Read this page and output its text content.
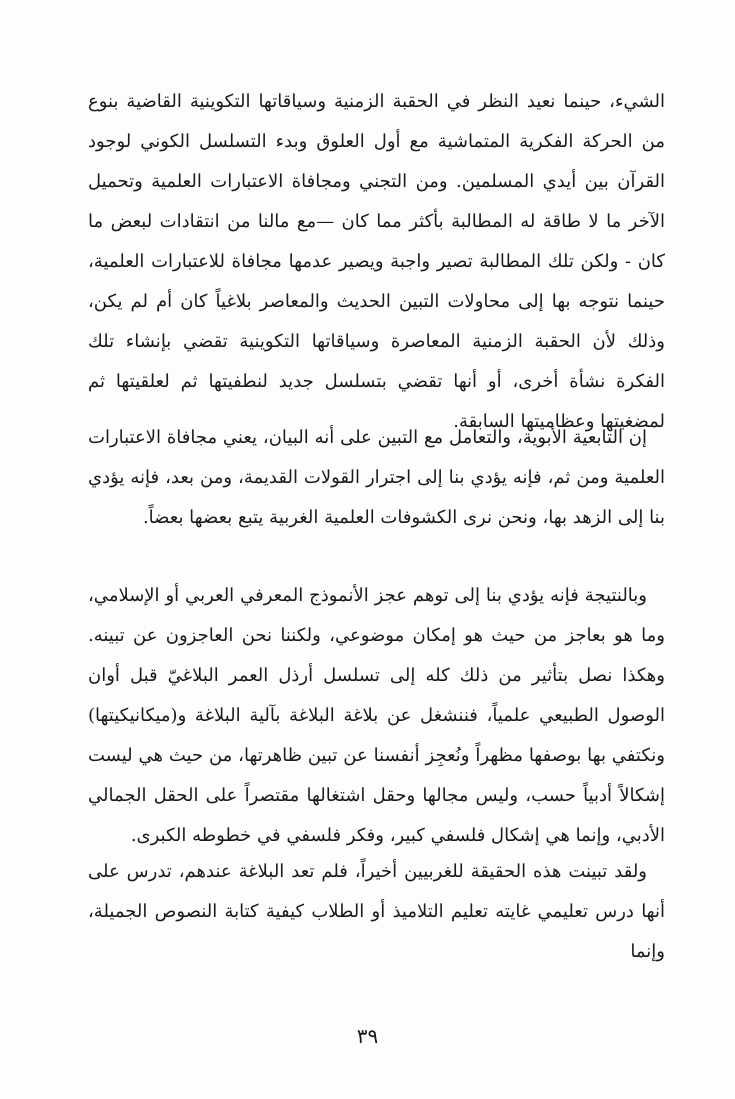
الشيء، حينما نعيد النظر في الحقبة الزمنية وسياقاتها التكوينية القاضية بنوع من الحركة الفكرية المتماشية مع أول العلوق وبدء التسلسل الكوني لوجود القرآن بين أيدي المسلمين. ومن التجني ومجافاة الاعتبارات العلمية وتحميل الآخر ما لا طاقة له المطالبة بأكثر مما كان —مع مالنا من انتقادات لبعض ما كان - ولكن تلك المطالبة تصير واجبة ويصير عدمها مجافاة للاعتبارات العلمية، حينما نتوجه بها إلى محاولات التبين الحديث والمعاصر بلاغياً كان أم لم يكن، وذلك لأن الحقبة الزمنية المعاصرة وسياقاتها التكوينية تقضي بإنشاء تلك الفكرة نشأة أخرى، أو أنها تقضي بتسلسل جديد لنطفيتها ثم لعلقيتها ثم لمضغيتها وعظاميتها السابقة.

إن التابعية الأبوية، والتعامل مع التبين على أنه البيان، يعني مجافاة الاعتبارات العلمية ومن ثم، فإنه يؤدي بنا إلى اجترار القولات القديمة، ومن بعد، فإنه يؤدي بنا إلى الزهد بها، ونحن نرى الكشوفات العلمية الغربية يتبع بعضها بعضاً.

وبالنتيجة فإنه يؤدي بنا إلى توهم عجز الأنموذج المعرفي العربي أو الإسلامي، وما هو بعاجز من حيث هو إمكان موضوعي، ولكننا نحن العاجزون عن تبينه. وهكذا نصل بتأثير من ذلك كله إلى تسلسل أرذل العمر البلاغيّ قبل أوان الوصول الطبيعي علمياً، فننشغل عن بلاغة البلاغة بآلية البلاغة و(ميكانيكيتها) ونكتفي بها بوصفها مظهراً ونُعجِز أنفسنا عن تبين ظاهرتها، من حيث هي ليست إشكالاً أدبياً حسب، وليس مجالها وحقل اشتغالها مقتصراً على الحقل الجمالي الأدبي، وإنما هي إشكال فلسفي كبير، وفكر فلسفي في خطوطه الكبرى.

ولقد تبينت هذه الحقيقة للغربيين أخيراً، فلم تعد البلاغة عندهم، تدرس على أنها درس تعليمي غايته تعليم التلاميذ أو الطلاب كيفية كتابة النصوص الجميلة، وإنما

٣٩
